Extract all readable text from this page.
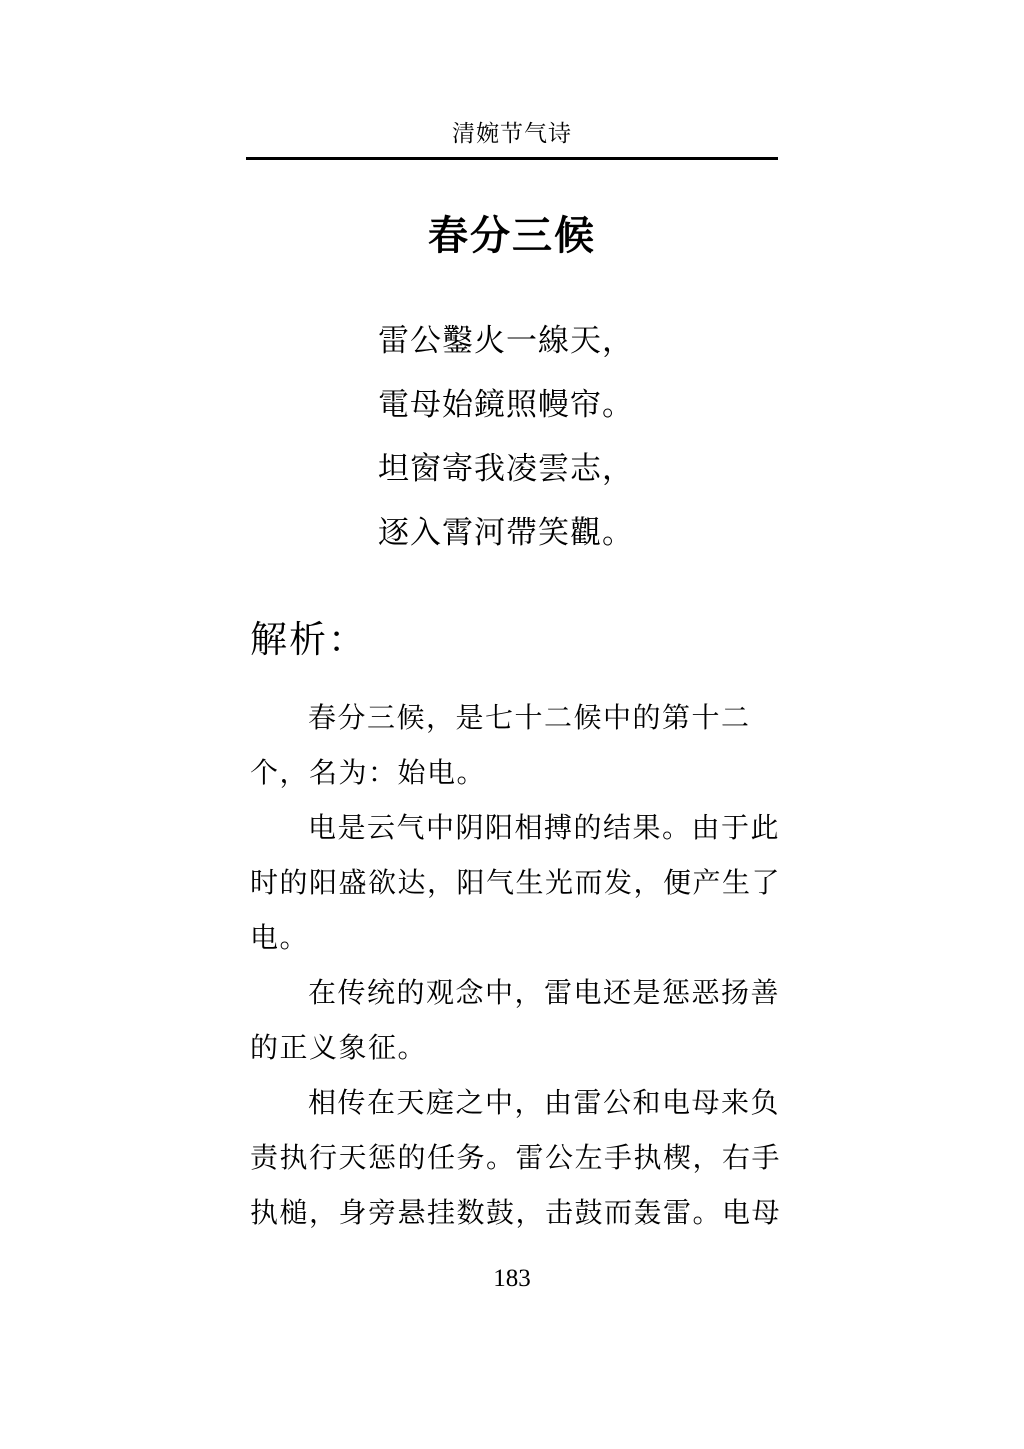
清婉节气诗
春分三候
雷公鑿火一線天，
電母始鏡照幔帘。
坦窗寄我凌雲志，
逐入霄河帶笑觀。
解析：

春分三候，是七十二候中的第十二个，名为：始电。

电是云气中阴阳相搏的结果。由于此时的阳盛欲达，阳气生光而发，便产生了电。

在传统的观念中，雷电还是惩恶扬善的正义象征。

相传在天庭之中，由雷公和电母来负责执行天惩的任务。雷公左手执楔，右手执槌，身旁悬挂数鼓，击鼓而轰雷。电母

183
